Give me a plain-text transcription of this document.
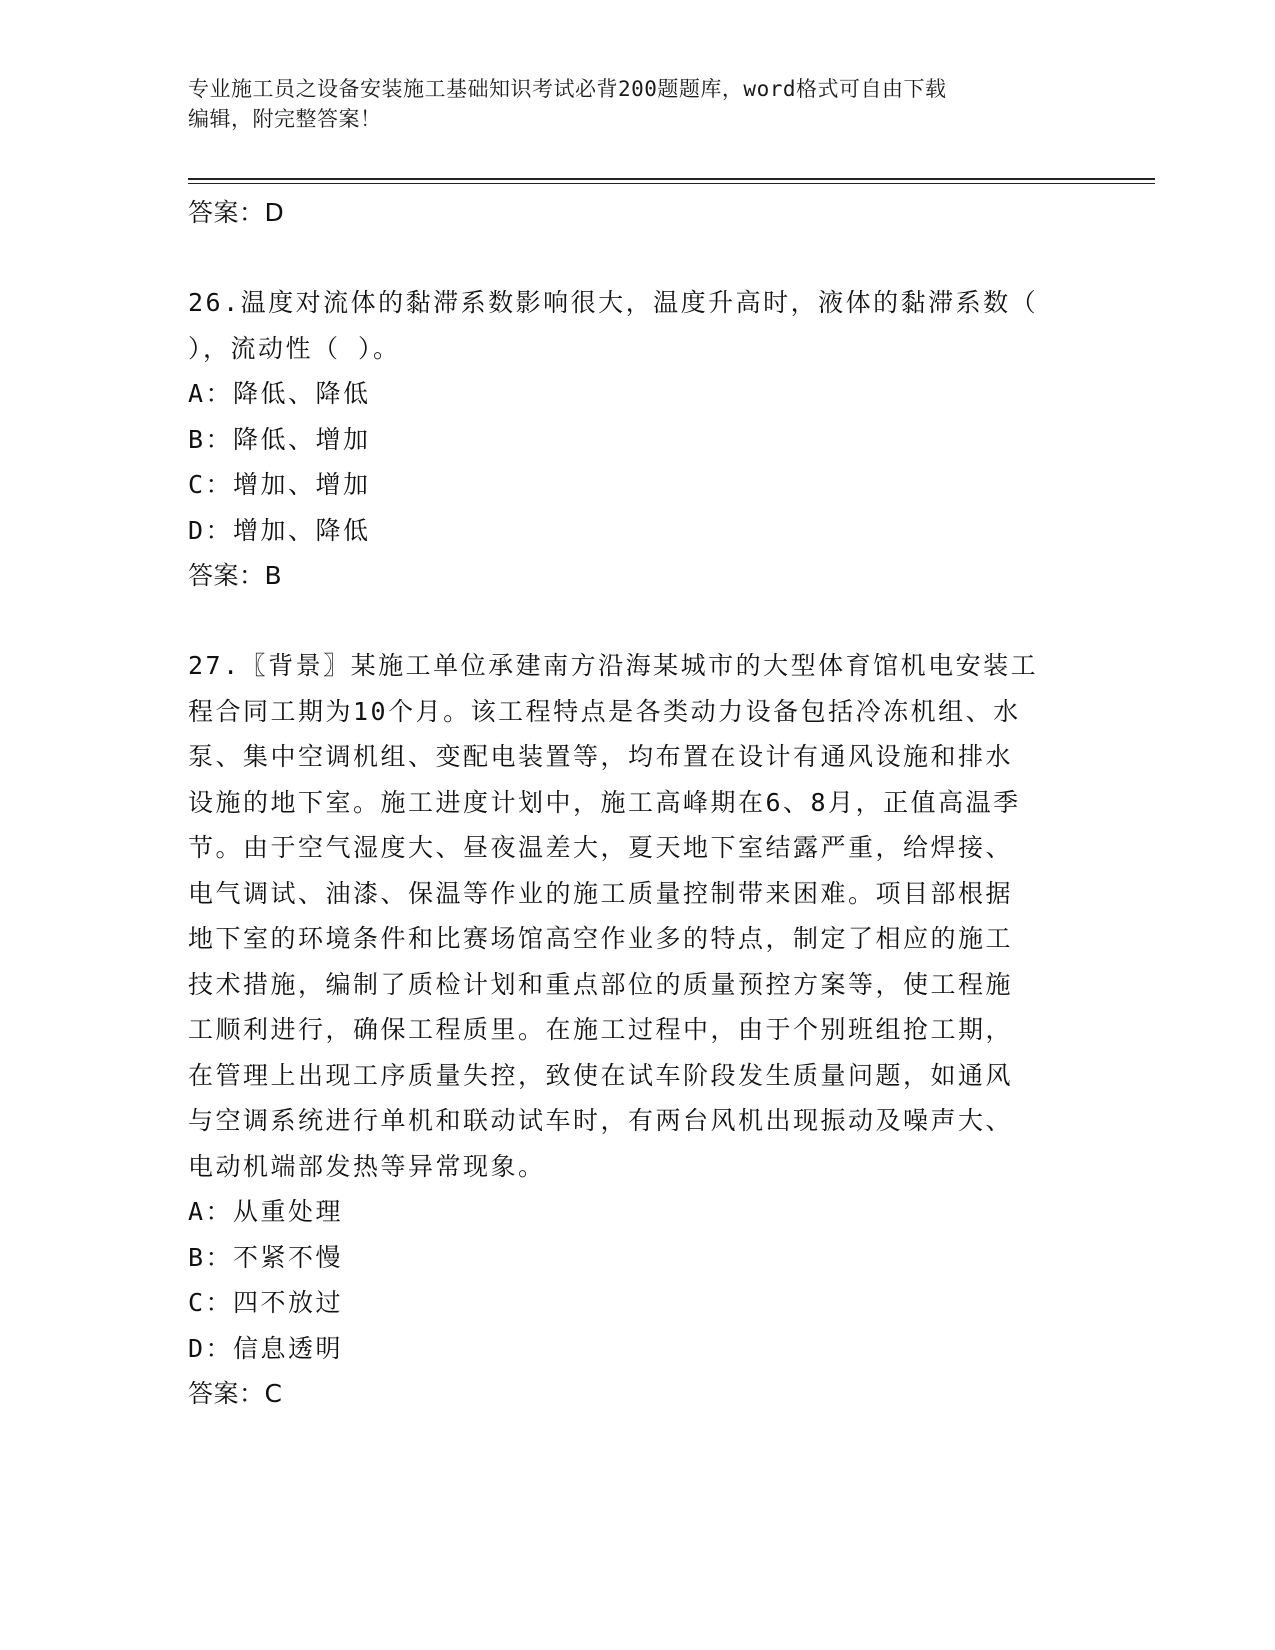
专业施工员之设备安装施工基础知识考试必背200题题库，word格式可自由下载
编辑，附完整答案！
答案：D
26.温度对流体的黏滞系数影响很大，温度升高时，液体的黏滞系数（
），流动性（ ）。
A：降低、降低
B：降低、增加
C：增加、增加
D：增加、降低
答案：B
27.〖背景〗某施工单位承建南方沿海某城市的大型体育馆机电安装工
程合同工期为10个月。该工程特点是各类动力设备包括冷冻机组、水
泵、集中空调机组、变配电装置等，均布置在设计有通风设施和排水
设施的地下室。施工进度计划中，施工高峰期在6、8月，正值高温季
节。由于空气湿度大、昼夜温差大，夏天地下室结露严重，给焊接、
电气调试、油漆、保温等作业的施工质量控制带来困难。项目部根据
地下室的环境条件和比赛场馆高空作业多的特点，制定了相应的施工
技术措施，编制了质检计划和重点部位的质量预控方案等，使工程施
工顺利进行，确保工程质里。在施工过程中，由于个别班组抢工期，
在管理上出现工序质量失控，致使在试车阶段发生质量问题，如通风
与空调系统进行单机和联动试车时，有两台风机出现振动及噪声大、
电动机端部发热等异常现象。
A：从重处理
B：不紧不慢
C：四不放过
D：信息透明
答案：C
